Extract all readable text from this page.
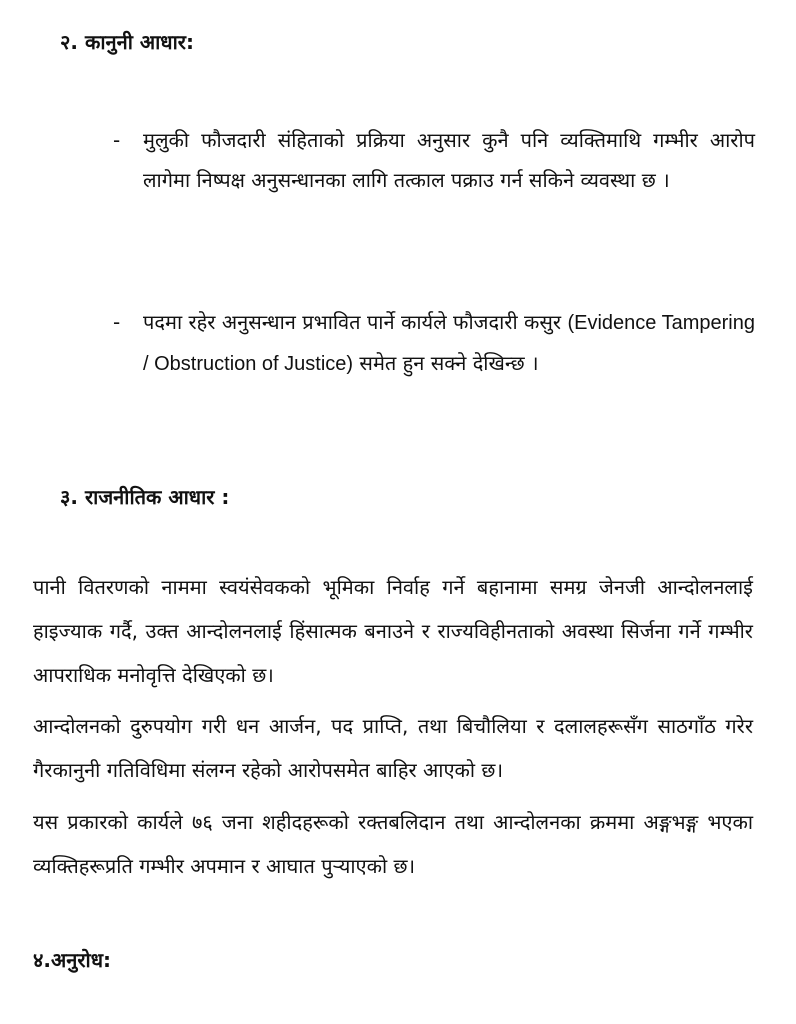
२. कानुनी आधार:
-	मुलुकी फौजदारी संहिताको प्रक्रिया अनुसार कुनै पनि व्यक्तिमाथि गम्भीर आरोप लागेमा निष्पक्ष अनुसन्धानका लागि तत्काल पक्राउ गर्न सकिने व्यवस्था छ ।
-	पदमा रहेर अनुसन्धान प्रभावित पार्ने कार्यले फौजदारी कसुर (Evidence Tampering / Obstruction of Justice) समेत हुन सक्ने देखिन्छ ।
३. राजनीतिक आधार :
पानी वितरणको नाममा स्वयंसेवकको भूमिका निर्वाह गर्ने बहानामा समग्र जेनजी आन्दोलनलाई हाइज्याक गर्दै, उक्त आन्दोलनलाई हिंसात्मक बनाउने र राज्यविहीनताको अवस्था सिर्जना गर्ने गम्भीर आपराधिक मनोवृत्ति देखिएको छ।
आन्दोलनको दुरुपयोग गरी धन आर्जन, पद प्राप्ति, तथा बिचौलिया र दलालहरूसँग साठगाँठ गरेर गैरकानुनी गतिविधिमा संलग्न रहेको आरोपसमेत बाहिर आएको छ।
यस प्रकारको कार्यले ७६ जना शहीदहरूको रक्तबलिदान तथा आन्दोलनका क्रममा अङ्गभङ्ग भएका व्यक्तिहरूप्रति गम्भीर अपमान र आघात पुर्‍याएको छ।
४.अनुरोध:
